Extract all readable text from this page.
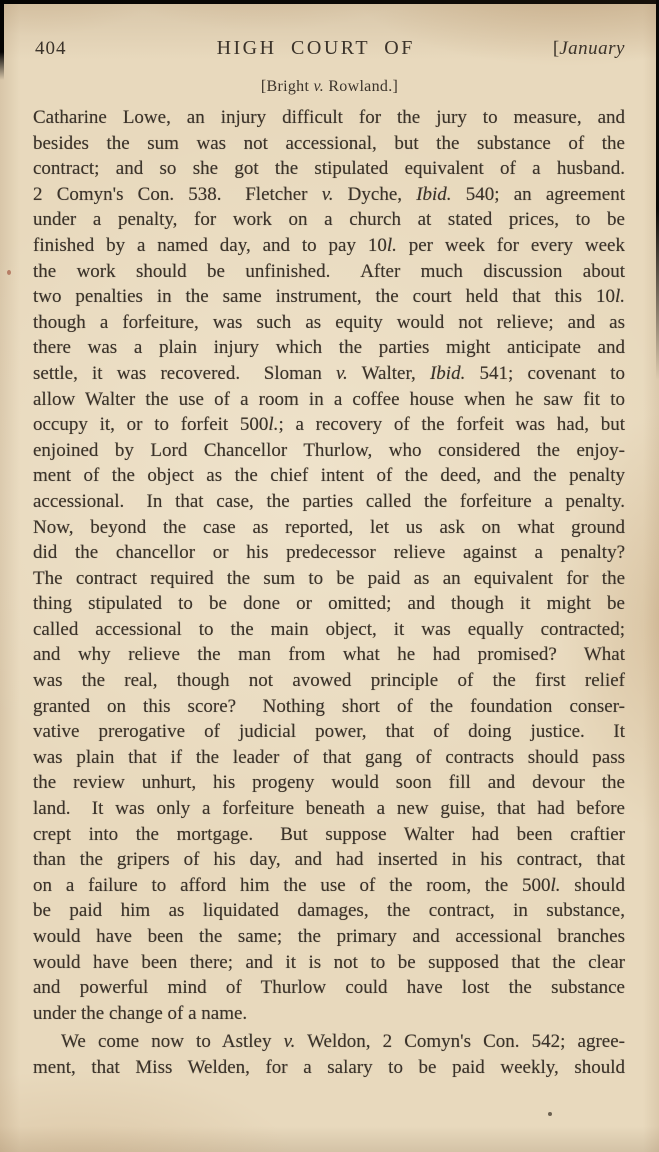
404	HIGH COURT OF	[January
[Bright v. Rowland.]
Catharine Lowe, an injury difficult for the jury to measure, and
besides the sum was not accessional, but the substance of the
contract; and so she got the stipulated equivalent of a husband.
2 Comyn's Con. 538.  Fletcher v. Dyche, Ibid. 540; an agreement
under a penalty, for work on a church at stated prices, to be
finished by a named day, and to pay 10l. per week for every week
the work should be unfinished.  After much discussion about
two penalties in the same instrument, the court held that this 10l.
though a forfeiture, was such as equity would not relieve; and as
there was a plain injury which the parties might anticipate and
settle, it was recovered.  Sloman v. Walter, Ibid. 541; covenant to
allow Walter the use of a room in a coffee house when he saw fit to
occupy it, or to forfeit 500l.; a recovery of the forfeit was had, but
enjoined by Lord Chancellor Thurlow, who considered the enjoy-
ment of the object as the chief intent of the deed, and the penalty
accessional.  In that case, the parties called the forfeiture a penalty.
Now, beyond the case as reported, let us ask on what ground
did the chancellor or his predecessor relieve against a penalty?
The contract required the sum to be paid as an equivalent for the
thing stipulated to be done or omitted; and though it might be
called accessional to the main object, it was equally contracted;
and why relieve the man from what he had promised?  What
was the real, though not avowed principle of the first relief
granted on this score?  Nothing short of the foundation conser-
vative prerogative of judicial power, that of doing justice.  It
was plain that if the leader of that gang of contracts should pass
the review unhurt, his progeny would soon fill and devour the
land.  It was only a forfeiture beneath a new guise, that had before
crept into the mortgage.  But suppose Walter had been craftier
than the gripers of his day, and had inserted in his contract, that
on a failure to afford him the use of the room, the 500l. should
be paid him as liquidated damages, the contract, in substance,
would have been the same; the primary and accessional branches
would have been there; and it is not to be supposed that the clear
and powerful mind of Thurlow could have lost the substance
under the change of a name.
We come now to Astley v. Weldon, 2 Comyn's Con. 542; agree-
ment, that Miss Welden, for a salary to be paid weekly, should
